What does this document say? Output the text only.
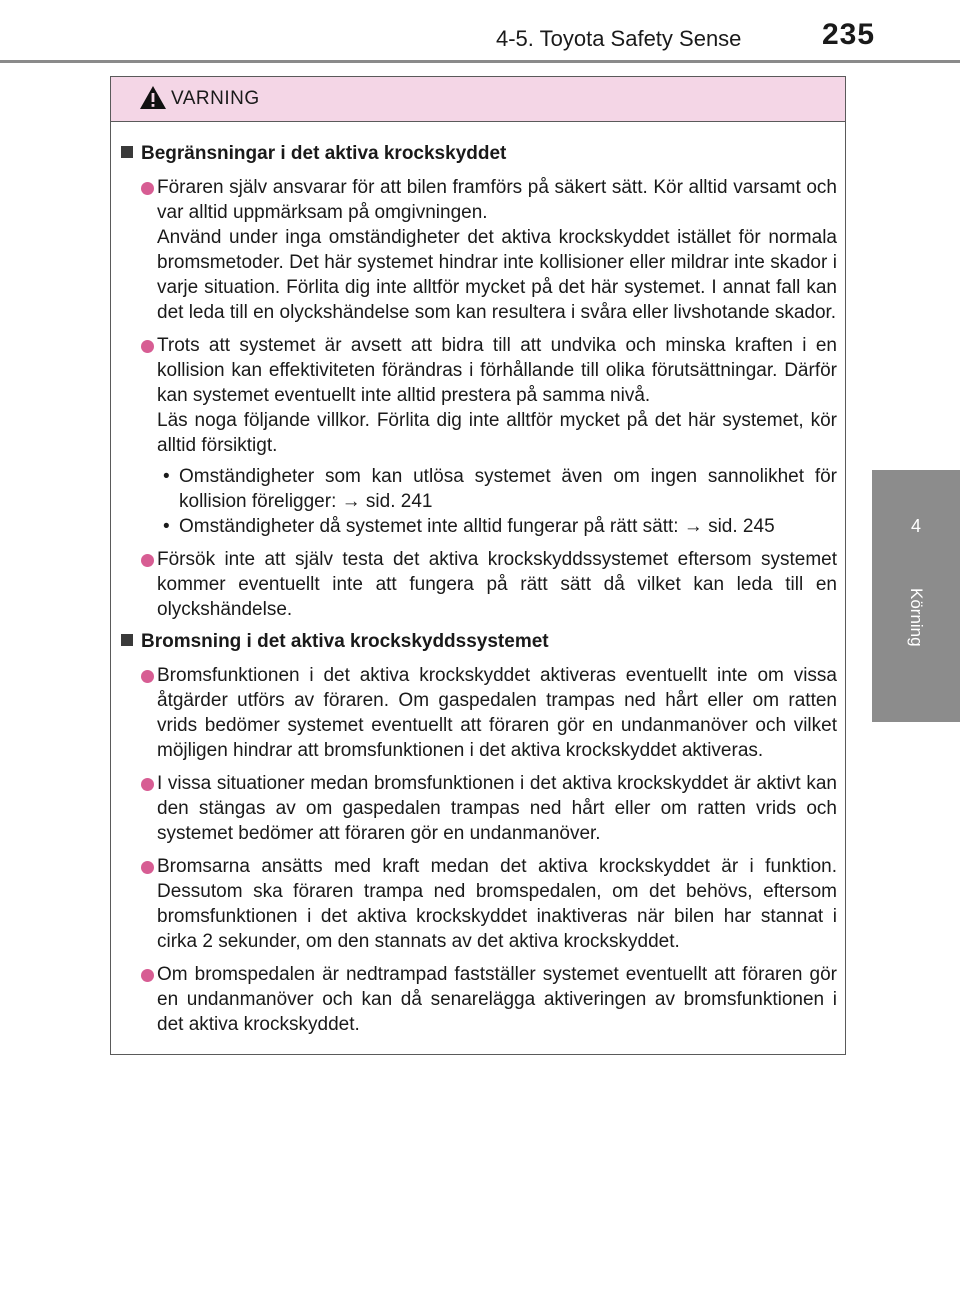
4-5. Toyota Safety Sense	235
4
Körning
VARNING
Begränsningar i det aktiva krockskyddet

Föraren själv ansvarar för att bilen framförs på säkert sätt. Kör alltid varsamt och var alltid uppmärksam på omgivningen.

Använd under inga omständigheter det aktiva krockskyddet istället för normala bromsmetoder. Det här systemet hindrar inte kollisioner eller mildrar inte skador i varje situation. Förlita dig inte alltför mycket på det här systemet. I annat fall kan det leda till en olyckshändelse som kan resultera i svåra eller livshotande skador.

Trots att systemet är avsett att bidra till att undvika och minska kraften i en kollision kan effektiviteten förändras i förhållande till olika förutsättningar. Därför kan systemet eventuellt inte alltid prestera på samma nivå.

Läs noga följande villkor. Förlita dig inte alltför mycket på det här systemet, kör alltid försiktigt.

• Omständigheter som kan utlösa systemet även om ingen sannolikhet för kollision föreligger: → sid. 241
• Omständigheter då systemet inte alltid fungerar på rätt sätt: → sid. 245

Försök inte att själv testa det aktiva krockskyddssystemet eftersom systemet kommer eventuellt inte att fungera på rätt sätt då vilket kan leda till en olyckshändelse.

Bromsning i det aktiva krockskyddssystemet

Bromsfunktionen i det aktiva krockskyddet aktiveras eventuellt inte om vissa åtgärder utförs av föraren. Om gaspedalen trampas ned hårt eller om ratten vrids bedömer systemet eventuellt att föraren gör en undanmanöver och vilket möjligen hindrar att bromsfunktionen i det aktiva krockskyddet aktiveras.

I vissa situationer medan bromsfunktionen i det aktiva krockskyddet är aktivt kan den stängas av om gaspedalen trampas ned hårt eller om ratten vrids och systemet bedömer att föraren gör en undanmanöver.

Bromsarna ansätts med kraft medan det aktiva krockskyddet är i funktion. Dessutom ska föraren trampa ned bromspedalen, om det behövs, eftersom bromsfunktionen i det aktiva krockskyddet inaktiveras när bilen har stannat i cirka 2 sekunder, om den stannats av det aktiva krockskyddet.

Om bromspedalen är nedtrampad fastställer systemet eventuellt att föraren gör en undanmanöver och kan då senarelägga aktiveringen av bromsfunktionen i det aktiva krockskyddet.
